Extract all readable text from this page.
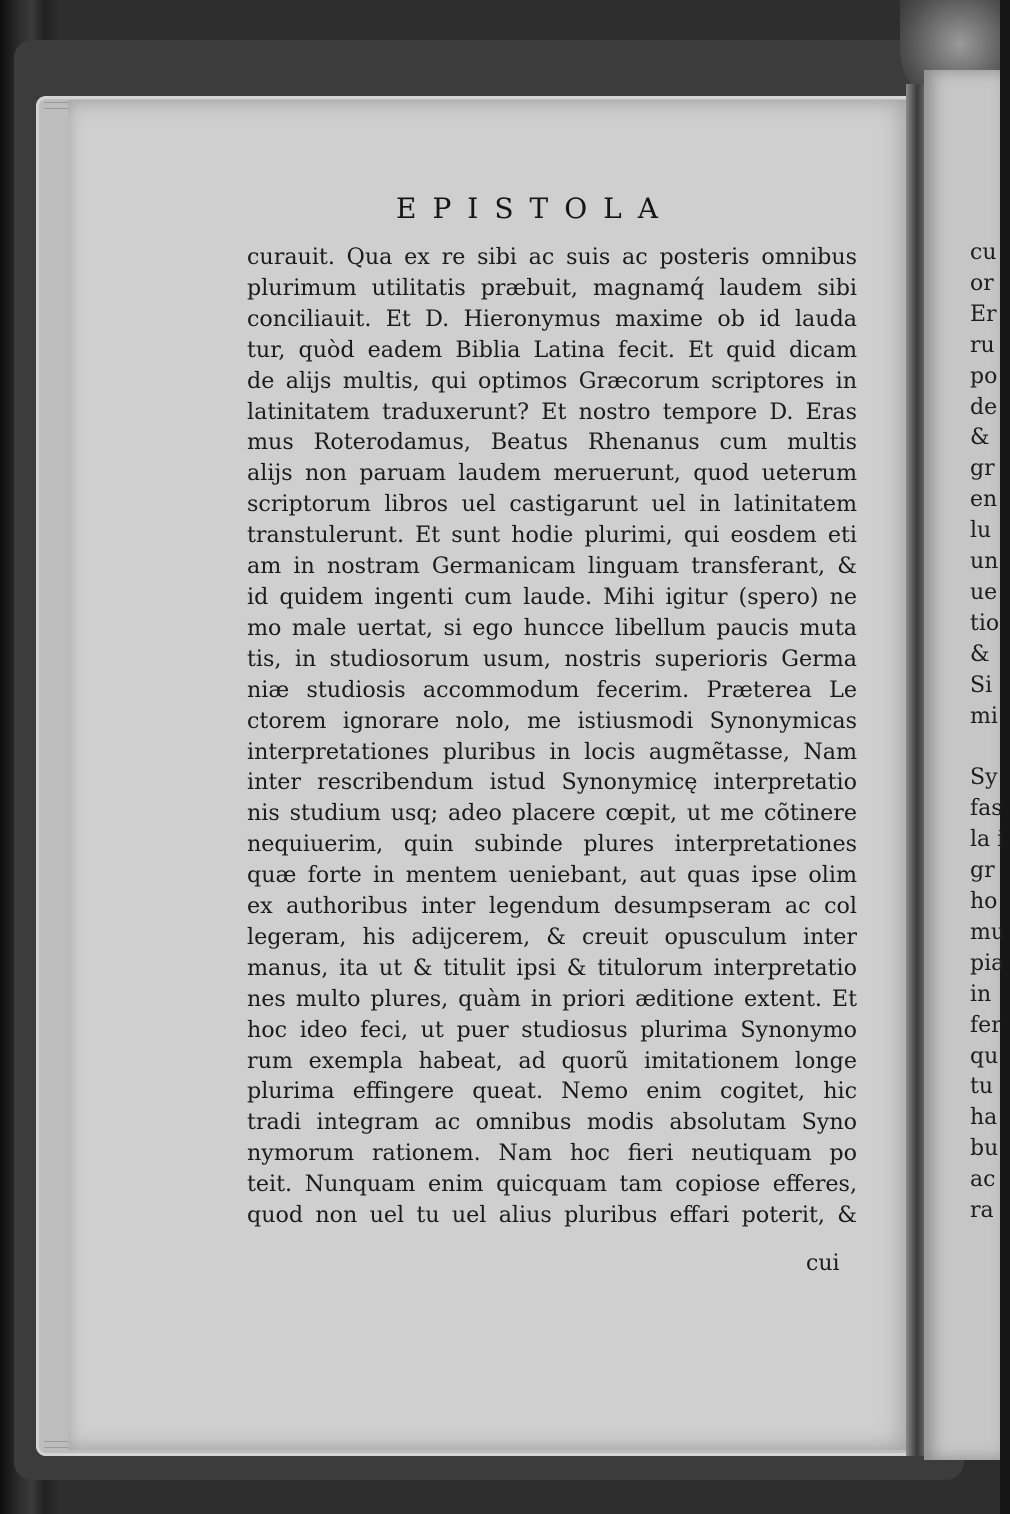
EPISTOLA
curauit. Qua ex re sibi ac suis ac posteris omnibus
plurimum utilitatis præbuit, magnamq́ laudem sibi
conciliauit. Et D. Hieronymus maxime ob id lauda
tur, quòd eadem Biblia Latina fecit. Et quid dicam
de alijs multis, qui optimos Græcorum scriptores in
latinitatem traduxerunt? Et nostro tempore D. Eras
mus Roterodamus, Beatus Rhenanus cum multis
alijs non paruam laudem meruerunt, quod ueterum
scriptorum libros uel castigarunt uel in latinitatem
transtulerunt. Et sunt hodie plurimi, qui eosdem eti
am in nostram Germanicam linguam transferant, &
id quidem ingenti cum laude. Mihi igitur (spero) ne
mo male uertat, si ego huncce libellum paucis muta
tis, in studiosorum usum, nostris superioris Germa
niæ studiosis accommodum fecerim. Præterea Le
ctorem ignorare nolo, me istiusmodi Synonymicas
interpretationes pluribus in locis augmẽtasse, Nam
inter rescribendum istud Synonymicę interpretatio
nis studium usq; adeo placere cœpit, ut me cõtinere
nequiuerim, quin subinde plures interpretationes
quæ forte in mentem ueniebant, aut quas ipse olim
ex authoribus inter legendum desumpseram ac col
legeram, his adijcerem, & creuit opusculum inter
manus, ita ut & titulit ipsi & titulorum interpretatio
nes multo plures, quàm in priori æditione extent. Et
hoc ideo feci, ut puer studiosus plurima Synonymo
rum exempla habeat, ad quorũ imitationem longe
plurima effingere queat. Nemo enim cogitet, hic
tradi integram ac omnibus modis absolutam Syno
nymorum rationem. Nam hoc fieri neutiquam po
teit. Nunquam enim quicquam tam copiose efferes,
quod non uel tu uel alius pluribus effari poterit, &
cui
cu
or
Er
ru
po
de
&
gr
en
lu
un
ue
tio
&
Si
mi

Sy
fas
la i
gr
ho
mu
pia
in
fer
qu
tu
ha
bu
ac
ra
